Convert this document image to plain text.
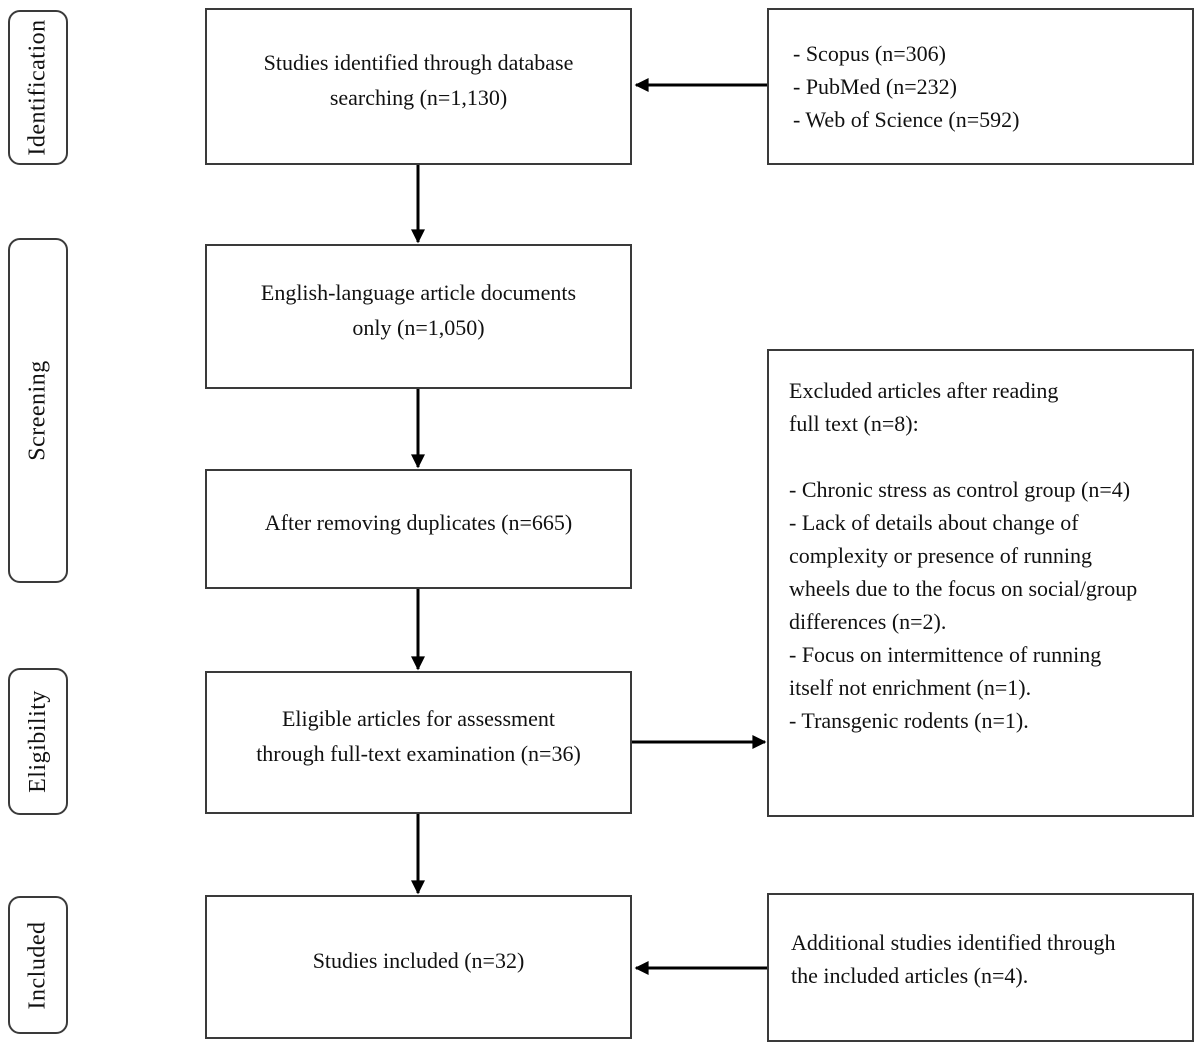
Identification
Screening
Eligibility
Included
Studies identified through database searching (n=1,130)
English-language article documents only (n=1,050)
After removing duplicates (n=665)
Eligible articles for assessment through full-text examination (n=36)
Studies included (n=32)
- Scopus (n=306)
- PubMed (n=232)
- Web of Science (n=592)
Excluded articles after reading
full text (n=8):
- Chronic stress as control group (n=4)
- Lack of details about change of complexity or presence of running wheels due to the focus on social/group differences (n=2).
- Focus on intermittence of running itself not enrichment (n=1).
- Transgenic rodents (n=1).
Additional studies identified through the included articles (n=4).
